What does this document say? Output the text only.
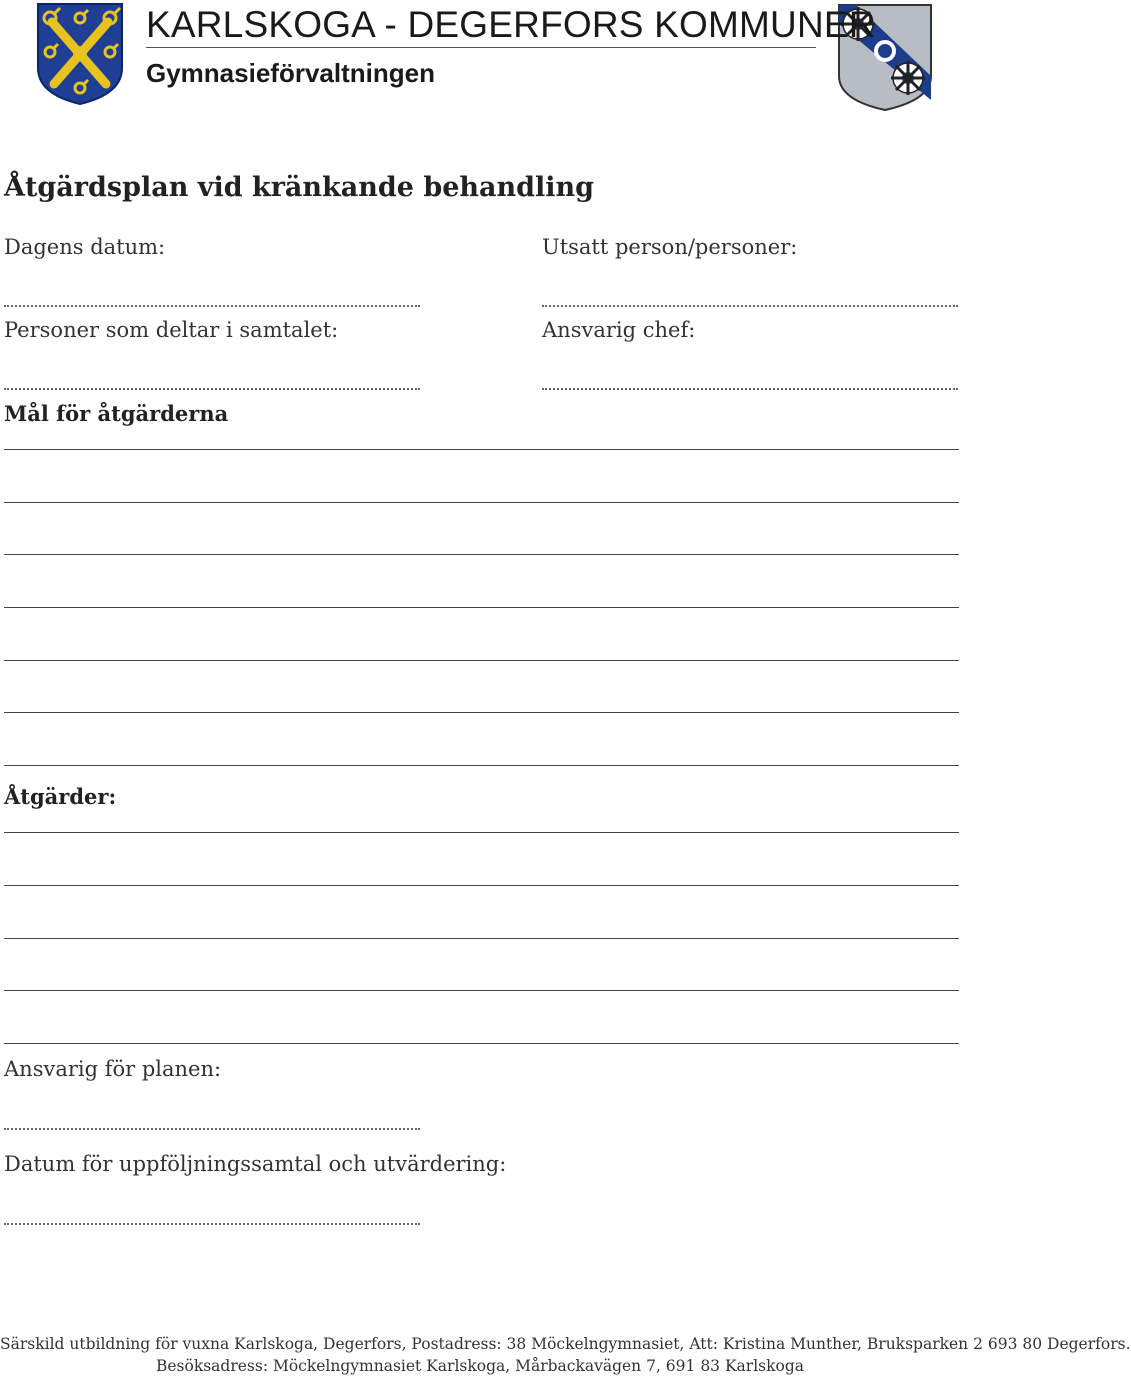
KARLSKOGA - DEGERFORS KOMMUNER
Gymnasieförvaltningen
Åtgärdsplan vid kränkande behandling
Dagens datum:	Utsatt person/personer:
Personer som deltar i samtalet:	Ansvarig chef:
Mål för åtgärderna
Åtgärder:
Ansvarig för planen:
Datum för uppföljningssamtal och utvärdering:
Särskild utbildning för vuxna Karlskoga, Degerfors, Postadress: 38 Möckelngymnasiet, Att: Kristina Munther, Bruksparken 2 693 80 Degerfors.
Besöksadress: Möckelngymnasiet Karlskoga, Mårbackavägen 7, 691 83 Karlskoga
